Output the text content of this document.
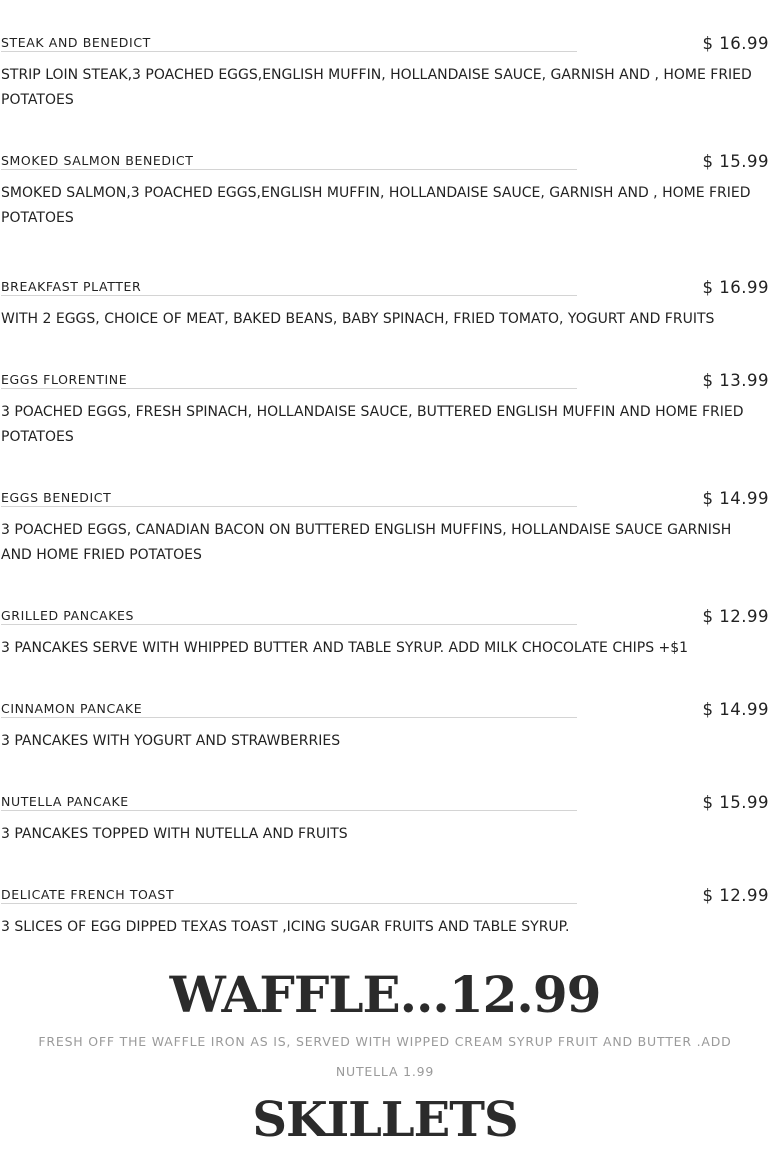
STEAK AND BENEDICT	$ 16.99
STRIP LOIN STEAK,3 POACHED EGGS,ENGLISH MUFFIN, HOLLANDAISE SAUCE, GARNISH AND , HOME FRIED POTATOES
SMOKED SALMON BENEDICT	$ 15.99
SMOKED SALMON,3 POACHED EGGS,ENGLISH MUFFIN, HOLLANDAISE SAUCE, GARNISH AND , HOME FRIED POTATOES
BREAKFAST PLATTER	$ 16.99
WITH 2 EGGS, CHOICE OF MEAT, BAKED BEANS, BABY SPINACH, FRIED TOMATO, YOGURT AND FRUITS
EGGS FLORENTINE	$ 13.99
3 POACHED EGGS, FRESH SPINACH, HOLLANDAISE SAUCE, BUTTERED ENGLISH MUFFIN AND HOME FRIED POTATOES
EGGS BENEDICT	$ 14.99
3 POACHED EGGS, CANADIAN BACON ON BUTTERED ENGLISH MUFFINS, HOLLANDAISE SAUCE GARNISH AND HOME FRIED POTATOES
GRILLED PANCAKES	$ 12.99
3 PANCAKES SERVE WITH WHIPPED BUTTER AND TABLE SYRUP. ADD MILK CHOCOLATE CHIPS +$1
CINNAMON PANCAKE	$ 14.99
3 PANCAKES WITH YOGURT AND STRAWBERRIES
NUTELLA PANCAKE	$ 15.99
3 PANCAKES TOPPED WITH NUTELLA AND FRUITS
DELICATE FRENCH TOAST	$ 12.99
3 SLICES OF EGG DIPPED TEXAS TOAST ,ICING SUGAR FRUITS AND TABLE SYRUP.
WAFFLE...12.99
FRESH OFF THE WAFFLE IRON AS IS, SERVED WITH WIPPED CREAM SYRUP FRUIT AND BUTTER .ADD NUTELLA 1.99
SKILLETS
